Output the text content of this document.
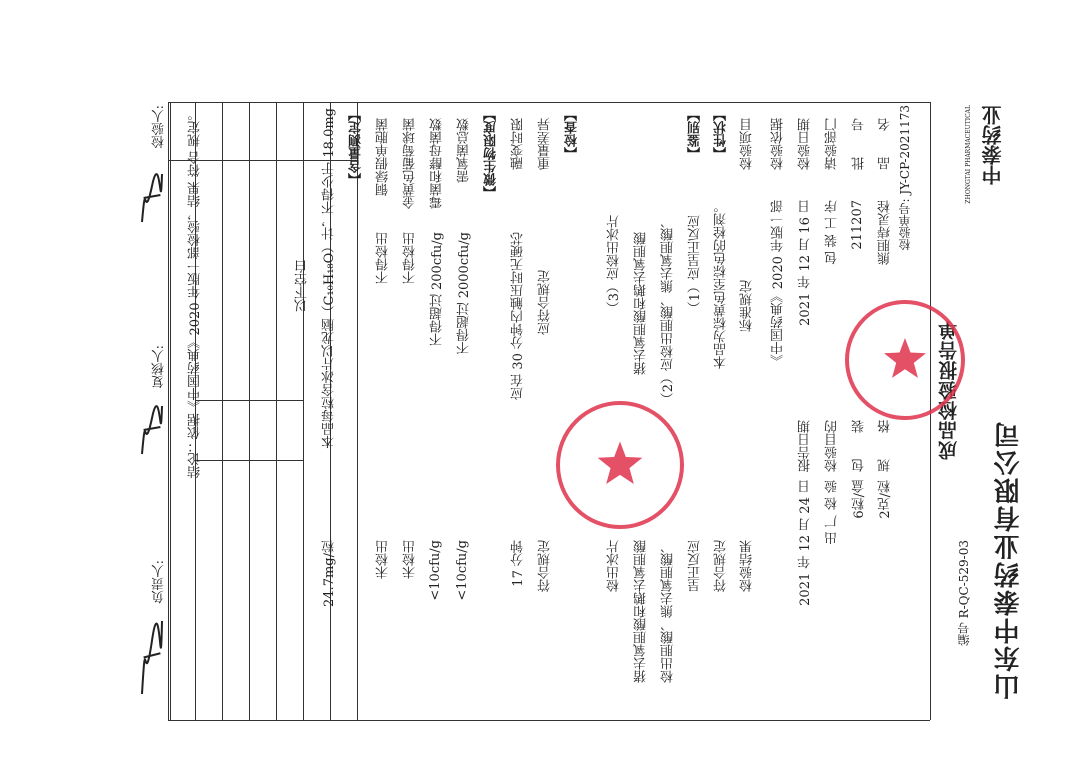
山东中泰药业有限公司
编号 R-QC-529-03
成品检验报告单
中泰药业
ZHONGTAI PHARMACEUTICAL
检验单号: JY-CP-2021173
品　　名
熊胆痔灵栓
规　　格
2克/粒
批　　号
211207
包　　装
6粒/盒
请验部门
包 装 工 序
检验目的
出 厂 检 验
检验日期
2021 年 12 月 16 日
报告日期
2021 年 12 月 24 日
检验依据
《中国药典》2020 年版一部
检验项目
标准规定
检验结果
【性状】
本品为棕黄色至棕色的栓剂。
符合规定
【鉴别】
（1）应呈正反应
呈正反应
（2）应检出胆酸、熊去氧胆酸、
检出胆酸、熊去氧胆酸、
猪去氧胆酸和鹅去氧胆酸
猪去氧胆酸和鹅去氧胆酸
（3）应检出冰片
检出冰片
【检查】
重量差异
应符合规定
符合规定
融变时限
应在 30 分钟内触压时无硬芯
17 分钟
【微生物限度】
需氧菌总数
不得超过 2000cfu/g
<10cfu/g
霉菌和酵母菌数
不得超过 200cfu/g
<10cfu/g
金黄色葡萄球菌
不得检出
未检出
铜绿假单胞菌
不得检出
未检出
【含量测定】
本品每粒含冰片以龙脑（C₁₀H₁₈O）计，不得少于 18.0mg
24.7mg/粒
以下空白
结论：依据《中国药典》2020 年版一部检验，结果 符合 规定。
检验人:
复核人:
负责人:
